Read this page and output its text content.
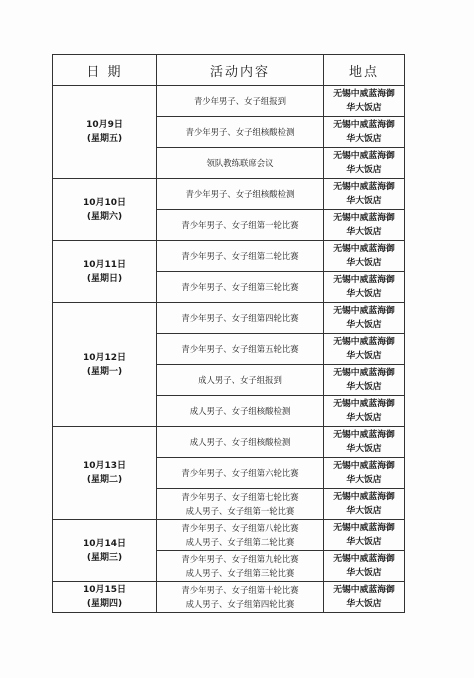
日 期	活动内容	地点

10月9日
(星期五)	青少年男子、女子组报到	无锡中威蓝海御
华大饭店

	青少年男子、女子组核酸检测	无锡中威蓝海御
华大饭店

	领队教练联席会议	无锡中威蓝海御
华大饭店

10月10日
(星期六)	青少年男子、女子组核酸检测	无锡中威蓝海御
华大饭店

	青少年男子、女子组第一轮比赛	无锡中威蓝海御
华大饭店

10月11日
(星期日)	青少年男子、女子组第二轮比赛	无锡中威蓝海御
华大饭店

	青少年男子、女子组第三轮比赛	无锡中威蓝海御
华大饭店

10月12日
(星期一)	青少年男子、女子组第四轮比赛	无锡中威蓝海御
华大饭店

	青少年男子、女子组第五轮比赛	无锡中威蓝海御
华大饭店

	成人男子、女子组报到	无锡中威蓝海御
华大饭店

	成人男子、女子组核酸检测	无锡中威蓝海御
华大饭店

10月13日
(星期二)	成人男子、女子组核酸检测	无锡中威蓝海御
华大饭店

	青少年男子、女子组第六轮比赛	无锡中威蓝海御
华大饭店

	青少年男子、女子组第七轮比赛
成人男子、女子组第一轮比赛	无锡中威蓝海御
华大饭店

10月14日
(星期三)	青少年男子、女子组第八轮比赛
成人男子、女子组第二轮比赛	无锡中威蓝海御
华大饭店

	青少年男子、女子组第九轮比赛
成人男子、女子组第三轮比赛	无锡中威蓝海御
华大饭店

10月15日
(星期四)	青少年男子、女子组第十轮比赛
成人男子、女子组第四轮比赛	无锡中威蓝海御
华大饭店
